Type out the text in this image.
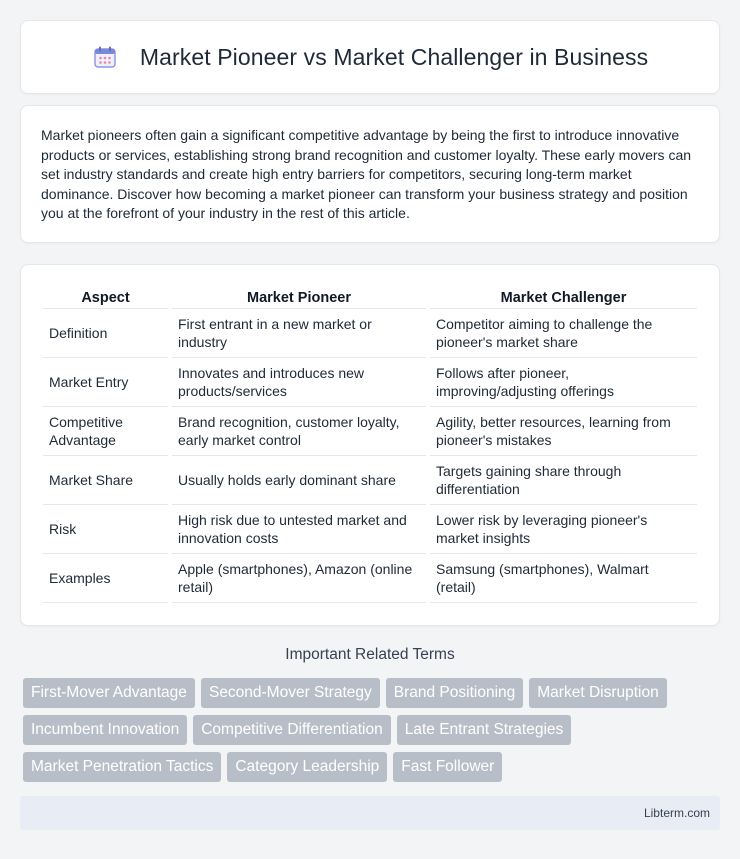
Market Pioneer vs Market Challenger in Business

Market pioneers often gain a significant competitive advantage by being the first to introduce innovative products or services, establishing strong brand recognition and customer loyalty. These early movers can set industry standards and create high entry barriers for competitors, securing long-term market dominance. Discover how becoming a market pioneer can transform your business strategy and position you at the forefront of your industry in the rest of this article.

Aspect	Market Pioneer	Market Challenger
Definition	First entrant in a new market or industry	Competitor aiming to challenge the pioneer's market share
Market Entry	Innovates and introduces new products/services	Follows after pioneer, improving/adjusting offerings
Competitive Advantage	Brand recognition, customer loyalty, early market control	Agility, better resources, learning from pioneer's mistakes
Market Share	Usually holds early dominant share	Targets gaining share through differentiation
Risk	High risk due to untested market and innovation costs	Lower risk by leveraging pioneer's market insights
Examples	Apple (smartphones), Amazon (online retail)	Samsung (smartphones), Walmart (retail)
Important Related Terms
First-Mover Advantage	Second-Mover Strategy	Brand Positioning	Market Disruption
Incumbent Innovation	Competitive Differentiation	Late Entrant Strategies
Market Penetration Tactics	Category Leadership	Fast Follower
Libterm.com
